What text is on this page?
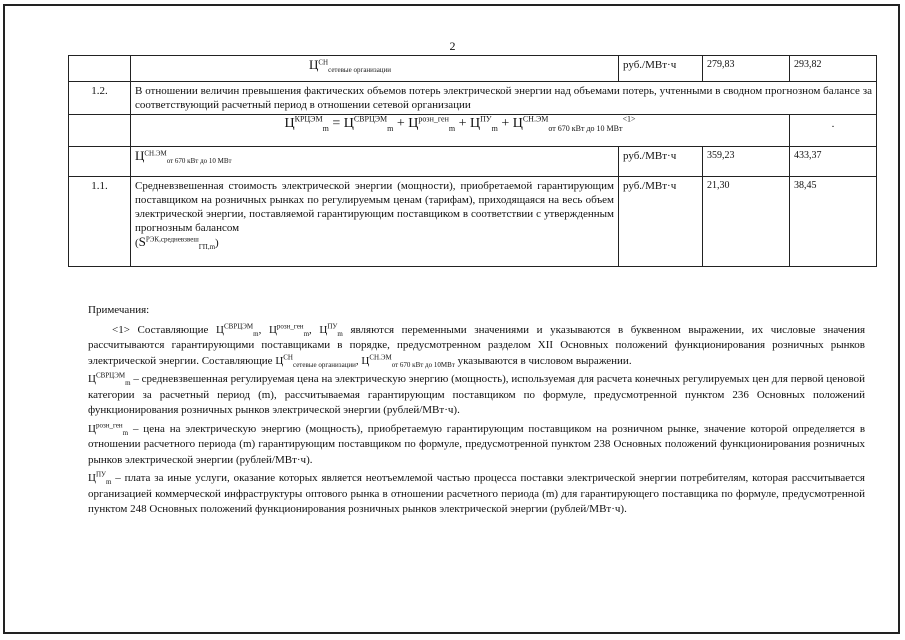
2
	$Ц^{СН}_{сетевые организации}$	руб./МВт·ч	279,83	293,82
1.2.	В отношении величин превышения фактических объемов потерь электрической энергии над объемами потерь, учтенными в сводном прогнозном балансе за соответствующий расчетный период в отношении сетевой организации			
	$Ц^{КРЦЭМ}_m = Ц^{СВРЦЭМ}_m + Ц^{розн\_ген}_m + Ц^{ПУ}_m + Ц^{СН.ЭМ}_{от 670 кВт до 10 МВт}^{<1>}$			.
	$Ц^{СН.ЭМ}_{от 670 кВт до 10 МВт}$	руб./МВт·ч	359,23	433,37
1.1.	Средневзвешенная стоимость электрической энергии (мощности), приобретаемой гарантирующим поставщиком на розничных рынках по регулируемым ценам (тарифам), приходящаяся на весь объем электрической энергии, поставляемой гарантирующим поставщиком в соответствии с утвержденным прогнозным балансом
$(S^{РЭК,средневзвеш}_{ГП,m})$	руб./МВт·ч	21,30	38,45

Примечания:

<1> Составляющие $Ц^{СВРЦЭМ}_m$, $Ц^{розн\_ген}_m$, $Ц^{ПУ}_m$ являются переменными значениями и указываются в буквенном выражении, их числовые значения рассчитываются гарантирующими поставщиками в порядке, предусмотренном разделом XII Основных положений функционирования розничных рынков электрической энергии. Составляющие $Ц^{СН}_{сетевые организации}$, $Ц^{СН.ЭМ}_{от 670 кВт до 10МВт}$ указываются в числовом выражении.

$Ц^{СВРЦЭМ}_m$ – средневзвешенная регулируемая цена на электрическую энергию (мощность), используемая для расчета конечных регулируемых цен для первой ценовой категории за расчетный период (m), рассчитываемая гарантирующим поставщиком по формуле, предусмотренной пунктом 236 Основных положений функционирования розничных рынков электрической энергии (рублей/МВт·ч).

$Ц^{розн\_ген}_m$ – цена на электрическую энергию (мощность), приобретаемую гарантирующим поставщиком на розничном рынке, значение которой определяется в отношении расчетного периода (m) гарантирующим поставщиком по формуле, предусмотренной пунктом 238 Основных положений функционирования розничных рынков электрической энергии (рублей/МВт·ч).

$Ц^{ПУ}_m$ – плата за иные услуги, оказание которых является неотъемлемой частью процесса поставки электрической энергии потребителям, которая рассчитывается организацией коммерческой инфраструктуры оптового рынка в отношении расчетного периода (m) для гарантирующего поставщика по формуле, предусмотренной пунктом 248 Основных положений функционирования розничных рынков электрической энергии (рублей/МВт·ч).
